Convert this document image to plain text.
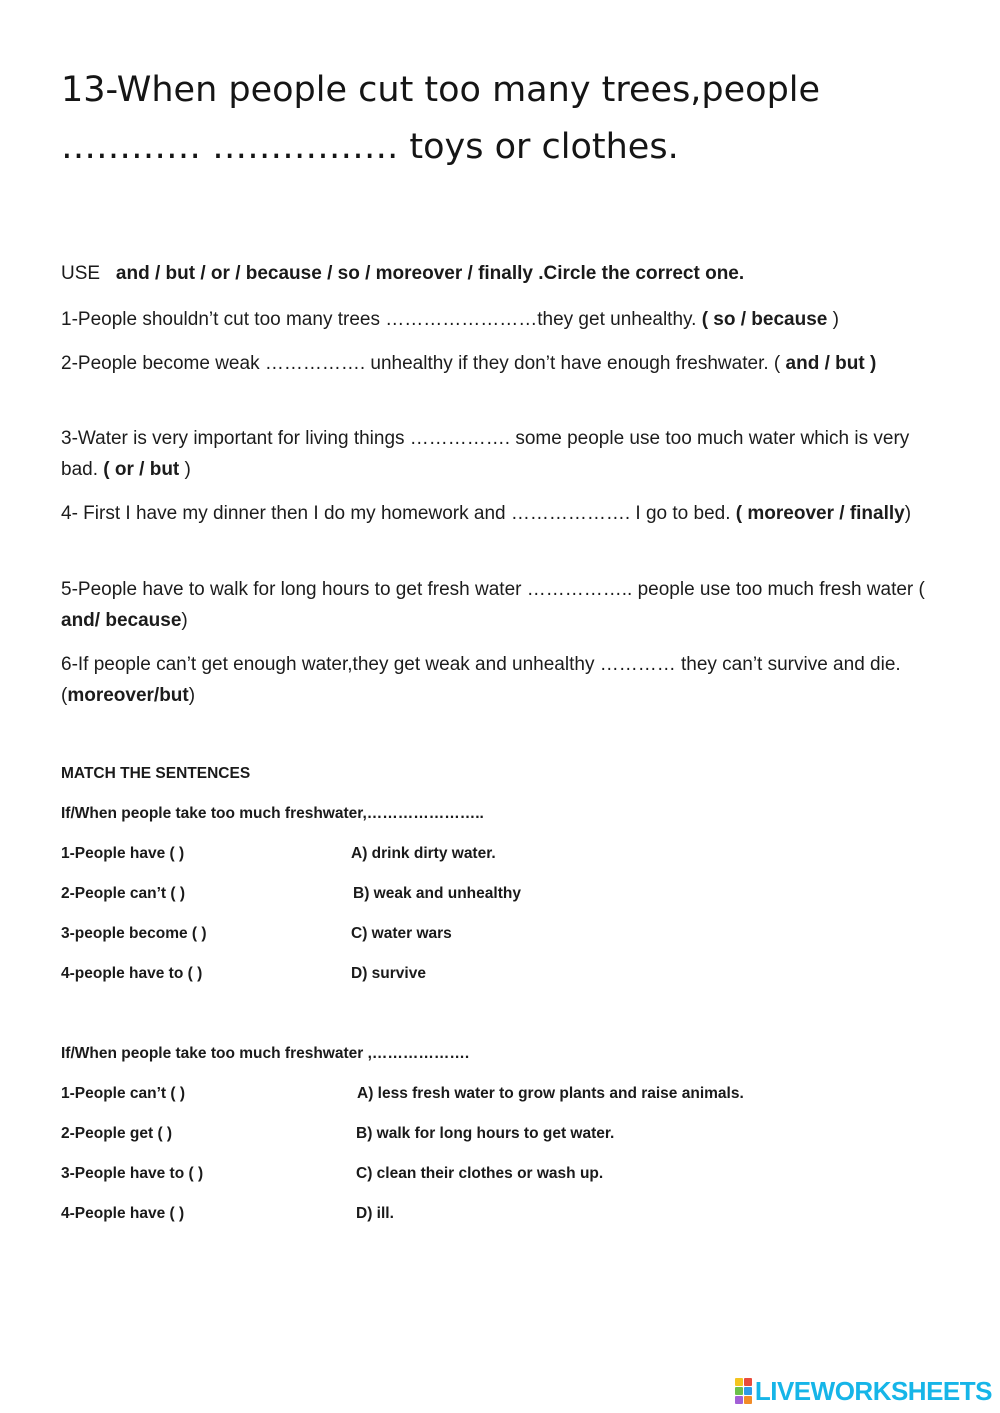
13-When people cut too many trees,people
………… ……………. toys or clothes.
USE and / but / or / because / so / moreover / finally .Circle the correct one.
1-People shouldn’t cut too many trees ……………………they get unhealthy. ( so / because )
2-People become weak ……………. unhealthy if they don’t have enough freshwater. ( and / but )
3-Water is very important for living things ……………. some people use too much water which is very bad. ( or / but )
4- First I have my dinner then I do my homework and ………………. I go to bed. ( moreover / finally)
5-People have to walk for long hours to get fresh water …………….. people use too much fresh water ( and/ because)
6-If people can’t get enough water,they get weak and unhealthy ………… they can’t survive and die.(moreover/but)
MATCH THE SENTENCES
If/When people take too much freshwater,…………………..
1-People have ( )	A) drink dirty water.
2-People can’t ( )	B) weak and unhealthy
3-people become ( )	C) water wars
4-people have to ( )	D) survive
If/When people take too much freshwater ,……………….
1-People can’t ( )	A) less fresh water to grow plants and raise animals.
2-People get ( )	B) walk for long hours to get water.
3-People have to ( )	C) clean their clothes or wash up.
4-People have ( )	D) ill.
LIVEWORKSHEETS
